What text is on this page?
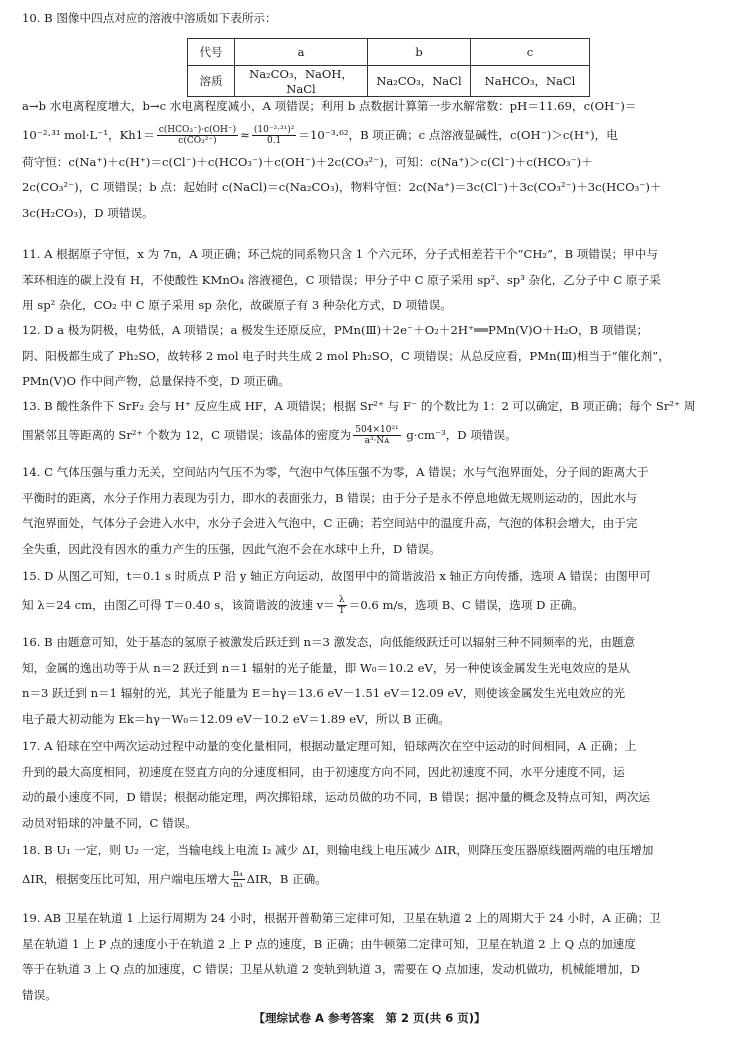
10. B 图像中四点对应的溶液中溶质如下表所示：
代号	a	b	c
溶质	Na₂CO₃，NaOH，NaCl	Na₂CO₃，NaCl	NaHCO₃，NaCl
a→b 水电离程度增大，b→c 水电离程度减小，A 项错误；利用 b 点数据计算第一步水解常数：pH＝11.69，c(OH⁻)＝
10⁻²·³¹ mol·L⁻¹，$Kh1= \frac{\text{c(HCO₃⁻)·c(OH⁻)}}{\text{c(CO₃²⁻)}} \approx \frac{\text{(10⁻²·³¹)²}}{0.1} =10^{-3}\cdot^{62}$，B 项正确；c 点溶液显碱性，c(OH⁻)＞c(H⁺)，电
荷守恒：c(Na⁺)＋c(H⁺)＝c(Cl⁻)＋c(HCO₃⁻)＋c(OH⁻)＋2c(CO₃²⁻)，可知：c(Na⁺)＞c(Cl⁻)＋c(HCO₃⁻)＋
2c(CO₃²⁻)，C 项错误；b 点：起始时 c(NaCl)＝c(Na₂CO₃)，物料守恒：2c(Na⁺)＝3c(Cl⁻)＋3c(CO₃²⁻)＋3c(HCO₃⁻)＋
3c(H₂CO₃)，D 项错误。
11. A 根据原子守恒，x 为 7n，A 项正确；环己烷的同系物只含 1 个六元环，分子式相差若干个“CH₂”，B 项错误；甲中与
苯环相连的碳上没有 H，不使酸性 KMnO₄ 溶液褪色，C 项错误；甲分子中 C 原子采用 sp²、sp³ 杂化，乙分子中 C 原子采
用 sp² 杂化，CO₂ 中 C 原子采用 sp 杂化，故碳原子有 3 种杂化方式，D 项错误。
12. D a 极为阴极，电势低，A 项错误；a 极发生还原反应，PMn(Ⅲ)＋2e⁻＋O₂＋2H⁺══PMn(Ⅴ)O＋H₂O，B 项错误；
阴、阳极都生成了 Ph₂SO，故转移 2 mol 电子时共生成 2 mol Ph₂SO，C 项错误；从总反应看，PMn(Ⅲ)相当于“催化剂”，
PMn(Ⅴ)O 作中间产物，总量保持不变，D 项正确。
13. B 酸性条件下 SrF₂ 会与 H⁺ 反应生成 HF，A 项错误；根据 Sr²⁺ 与 F⁻ 的个数比为 1：2 可以确定，B 项正确；每个 Sr²⁺ 周
围紧邻且等距离的 Sr²⁺ 个数为 12，C 项错误；该晶体的密度为 $\frac{\text{504×10²¹}}{\text{a³·Nᴀ}} g\cdot cm^{-3}$，D 项错误。
14. C 气体压强与重力无关，空间站内气压不为零，气泡中气体压强不为零，A 错误；水与气泡界面处，分子间的距离大于
平衡时的距离，水分子作用力表现为引力，即水的表面张力，B 错误；由于分子是永不停息地做无规则运动的，因此水与
气泡界面处，气体分子会进入水中，水分子会进入气泡中，C 正确；若空间站中的温度升高，气泡的体积会增大，由于完
全失重，因此没有因水的重力产生的压强，因此气泡不会在水球中上升，D 错误。
15. D 从图乙可知，t＝0.1 s 时质点 P 沿 y 轴正方向运动，故图甲中的简谐波沿 x 轴正方向传播，选项 A 错误；由图甲可
知 λ＝24 cm，由图乙可得 T＝0.40 s，该简谐波的波速 $v= \frac{\lambda}{T} =0.6$ m/s，选项 B、C 错误，选项 D 正确。
16. B 由题意可知，处于基态的氢原子被激发后跃迁到 n＝3 激发态，向低能级跃迁可以辐射三种不同频率的光，由题意
知，金属的逸出功等于从 n＝2 跃迁到 n＝1 辐射的光子能量，即 W₀＝10.2 eV，另一种使该金属发生光电效应的是从
n＝3 跃迁到 n＝1 辐射的光，其光子能量为 E＝hγ＝13.6 eV－1.51 eV＝12.09 eV，则使该金属发生光电效应的光
电子最大初动能为 Ek＝hγ－W₀＝12.09 eV－10.2 eV＝1.89 eV，所以 B 正确。
17. A 铅球在空中两次运动过程中动量的变化量相同，根据动量定理可知，铅球两次在空中运动的时间相同，A 正确；上
升到的最大高度相同，初速度在竖直方向的分速度相同，由于初速度方向不同，因此初速度不同，水平分速度不同，运
动的最小速度不同，D 错误；根据动能定理，两次掷铅球，运动员做的功不同，B 错误；据冲量的概念及特点可知，两次运
动员对铅球的冲量不同，C 错误。
18. B U₁ 一定，则 U₂ 一定，当输电线上电流 I₂ 减少 ΔI，则输电线上电压减少 ΔIR，则降压变压器原线圈两端的电压增加
ΔIR，根据变压比可知，用户端电压增大 $\frac{\text{n₄}}{\text{n₃}}$ ΔIR，B 正确。
19. AB 卫星在轨道 1 上运行周期为 24 小时，根据开普勒第三定律可知，卫星在轨道 2 上的周期大于 24 小时，A 正确；卫
星在轨道 1 上 P 点的速度小于在轨道 2 上 P 点的速度，B 正确；由牛顿第二定律可知，卫星在轨道 2 上 Q 点的加速度
等于在轨道 3 上 Q 点的加速度，C 错误；卫星从轨道 2 变轨到轨道 3，需要在 Q 点加速，发动机做功，机械能增加，D
错误。
【理综试卷 A 参考答案　第 2 页(共 6 页)】
